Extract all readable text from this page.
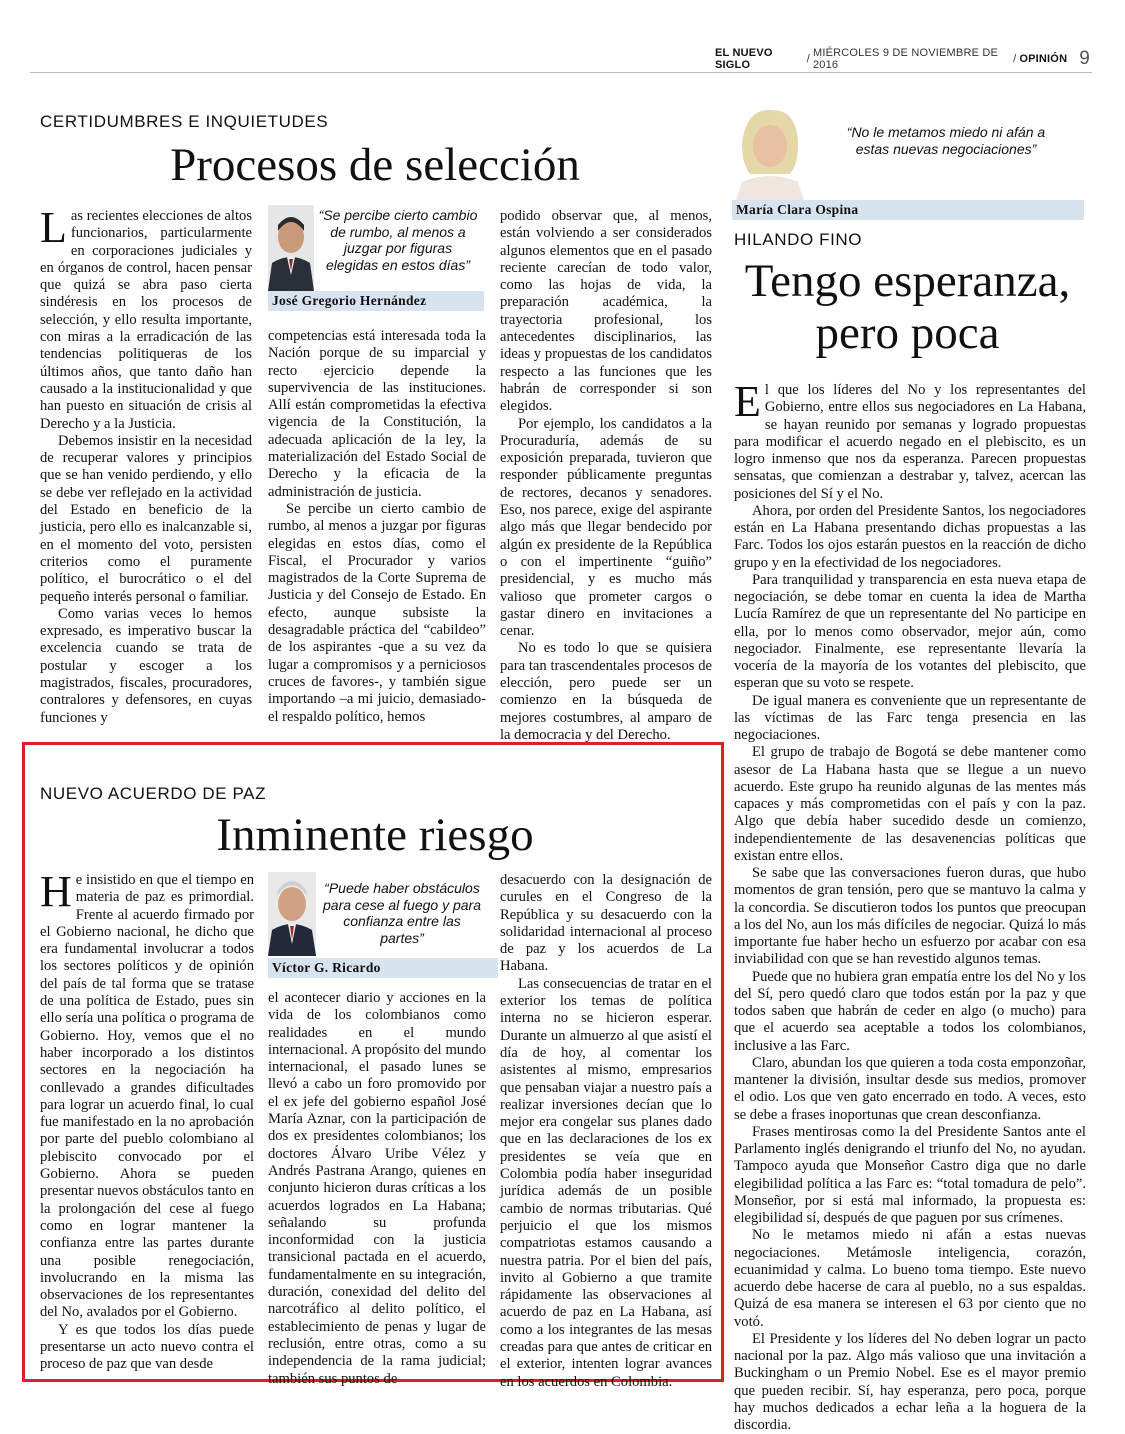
EL NUEVO SIGLO	/ MIÉRCOLES 9 DE NOVIEMBRE DE 2016	/ OPINIÓN 9
CERTIDUMBRES E INQUIETUDES
Procesos de selección

Las recientes elecciones de altos funcionarios, particularmente en corporaciones judiciales y en órganos de control, hacen pensar que quizá se abra paso cierta sindéresis en los procesos de selección, y ello resulta importante, con miras a la erradicación de las tendencias politiqueras de los últimos años, que tanto daño han causado a la institucionalidad y que han puesto en situación de crisis al Derecho y a la Justicia.

Debemos insistir en la necesidad de recuperar valores y principios que se han venido perdiendo, y ello se debe ver reflejado en la actividad del Estado en beneficio de la justicia, pero ello es inalcanzable si, en el momento del voto, persisten criterios como el puramente político, el burocrático o el del pequeño interés personal o familiar.

Como varias veces lo hemos expresado, es imperativo buscar la excelencia cuando se trata de postular y escoger a los magistrados, fiscales, procuradores, contralores y defensores, en cuyas funciones y

“Se percibe cierto cambio de rumbo, al menos a juzgar por figuras elegidas en estos días”
José Gregorio Hernández

competencias está interesada toda la Nación porque de su imparcial y recto ejercicio depende la supervivencia de las instituciones. Allí están comprometidas la efectiva vigencia de la Constitución, la adecuada aplicación de la ley, la materialización del Estado Social de Derecho y la eficacia de la administración de justicia.

Se percibe un cierto cambio de rumbo, al menos a juzgar por figuras elegidas en estos días, como el Fiscal, el Procurador y varios magistrados de la Corte Suprema de Justicia y del Consejo de Estado. En efecto, aunque subsiste la desagradable práctica del “cabildeo” de los aspirantes -que a su vez da lugar a compromisos y a perniciosos cruces de favores-, y también sigue importando –a mi juicio, demasiado- el respaldo político, hemos

podido observar que, al menos, están volviendo a ser considerados algunos elementos que en el pasado reciente carecían de todo valor, como las hojas de vida, la preparación académica, la trayectoria profesional, los antecedentes disciplinarios, las ideas y propuestas de los candidatos respecto a las funciones que les habrán de corresponder si son elegidos.

Por ejemplo, los candidatos a la Procuraduría, además de su exposición preparada, tuvieron que responder públicamente preguntas de rectores, decanos y senadores. Eso, nos parece, exige del aspirante algo más que llegar bendecido por algún ex presidente de la República o con el impertinente “guiño” presidencial, y es mucho más valioso que prometer cargos o gastar dinero en invitaciones a cenar.

No es todo lo que se quisiera para tan trascendentales procesos de elección, pero puede ser un comienzo en la búsqueda de mejores costumbres, al amparo de la democracia y del Derecho.

NUEVO ACUERDO DE PAZ
Inminente riesgo

He insistido en que el tiempo en materia de paz es primordial. Frente al acuerdo firmado por el Gobierno nacional, he dicho que era fundamental involucrar a todos los sectores políticos y de opinión del país de tal forma que se tratase de una política de Estado, pues sin ello sería una política o programa de Gobierno. Hoy, vemos que el no haber incorporado a los distintos sectores en la negociación ha conllevado a grandes dificultades para lograr un acuerdo final, lo cual fue manifestado en la no aprobación por parte del pueblo colombiano al plebiscito convocado por el Gobierno. Ahora se pueden presentar nuevos obstáculos tanto en la prolongación del cese al fuego como en lograr mantener la confianza entre las partes durante una posible renegociación, involucrando en la misma las observaciones de los representantes del No, avalados por el Gobierno.

Y es que todos los días puede presentarse un acto nuevo contra el proceso de paz que van desde

“Puede haber obstáculos para cese al fuego y para confianza entre las partes”
Víctor G. Ricardo

el acontecer diario y acciones en la vida de los colombianos como realidades en el mundo internacional. A propósito del mundo internacional, el pasado lunes se llevó a cabo un foro promovido por el ex jefe del gobierno español José María Aznar, con la participación de dos ex presidentes colombianos; los doctores Álvaro Uribe Vélez y Andrés Pastrana Arango, quienes en conjunto hicieron duras críticas a los acuerdos logrados en La Habana; señalando su profunda inconformidad con la justicia transicional pactada en el acuerdo, fundamentalmente en su integración, duración, conexidad del delito del narcotráfico al delito político, el establecimiento de penas y lugar de reclusión, entre otras, como a su independencia de la rama judicial; también sus puntos de

desacuerdo con la designación de curules en el Congreso de la República y su desacuerdo con la solidaridad internacional al proceso de paz y los acuerdos de La Habana.

Las consecuencias de tratar en el exterior los temas de política interna no se hicieron esperar. Durante un almuerzo al que asistí el día de hoy, al comentar los asistentes al mismo, empresarios que pensaban viajar a nuestro país a realizar inversiones decían que lo mejor era congelar sus planes dado que en las declaraciones de los ex presidentes se veía que en Colombia podía haber inseguridad jurídica además de un posible cambio de normas tributarias. Qué perjuicio el que los mismos compatriotas estamos causando a nuestra patria. Por el bien del país, invito al Gobierno a que tramite rápidamente las observaciones al acuerdo de paz en La Habana, así como a los integrantes de las mesas creadas para que antes de criticar en el exterior, intenten lograr avances en los acuerdos en Colombia.

“No le metamos miedo ni afán a estas nuevas negociaciones”
María Clara Ospina
HILANDO FINO
Tengo esperanza,
pero poca

El que los líderes del No y los representantes del Gobierno, entre ellos sus negociadores en La Habana, se hayan reunido por semanas y logrado propuestas para modificar el acuerdo negado en el plebiscito, es un logro inmenso que nos da esperanza. Parecen propuestas sensatas, que comienzan a destrabar y, talvez, acercan las posiciones del Sí y el No.

Ahora, por orden del Presidente Santos, los negociadores están en La Habana presentando dichas propuestas a las Farc. Todos los ojos estarán puestos en la reacción de dicho grupo y en la efectividad de los negociadores.

Para tranquilidad y transparencia en esta nueva etapa de negociación, se debe tomar en cuenta la idea de Martha Lucía Ramírez de que un representante del No participe en ella, por lo menos como observador, mejor aún, como negociador. Finalmente, ese representante llevaría la vocería de la mayoría de los votantes del plebiscito, que esperan que su voto se respete.

De igual manera es conveniente que un representante de las víctimas de las Farc tenga presencia en las negociaciones.

El grupo de trabajo de Bogotá se debe mantener como asesor de La Habana hasta que se llegue a un nuevo acuerdo. Este grupo ha reunido algunas de las mentes más capaces y más comprometidas con el país y con la paz. Algo que debía haber sucedido desde un comienzo, independientemente de las desavenencias políticas que existan entre ellos.

Se sabe que las conversaciones fueron duras, que hubo momentos de gran tensión, pero que se mantuvo la calma y la concordia. Se discutieron todos los puntos que preocupan a los del No, aun los más difíciles de negociar. Quizá lo más importante fue haber hecho un esfuerzo por acabar con esa inviabilidad con que se han revestido algunos temas.

Puede que no hubiera gran empatía entre los del No y los del Sí, pero quedó claro que todos están por la paz y que todos saben que habrán de ceder en algo (o mucho) para que el acuerdo sea aceptable a todos los colombianos, inclusive a las Farc.

Claro, abundan los que quieren a toda costa emponzoñar, mantener la división, insultar desde sus medios, promover el odio. Los que ven gato encerrado en todo. A veces, esto se debe a frases inoportunas que crean desconfianza.

Frases mentirosas como la del Presidente Santos ante el Parlamento inglés denigrando el triunfo del No, no ayudan. Tampoco ayuda que Monseñor Castro diga que no darle elegibilidad política a las Farc es: “total tomadura de pelo”. Monseñor, por si está mal informado, la propuesta es: elegibilidad sí, después de que paguen por sus crímenes.

No le metamos miedo ni afán a estas nuevas negociaciones. Metámosle inteligencia, corazón, ecuanimidad y calma. Lo bueno toma tiempo. Este nuevo acuerdo debe hacerse de cara al pueblo, no a sus espaldas. Quizá de esa manera se interesen el 63 por ciento que no votó.

El Presidente y los líderes del No deben lograr un pacto nacional por la paz. Algo más valioso que una invitación a Buckingham o un Premio Nobel. Ese es el mayor premio que pueden recibir. Sí, hay esperanza, pero poca, porque hay muchos dedicados a echar leña a la hoguera de la discordia.
